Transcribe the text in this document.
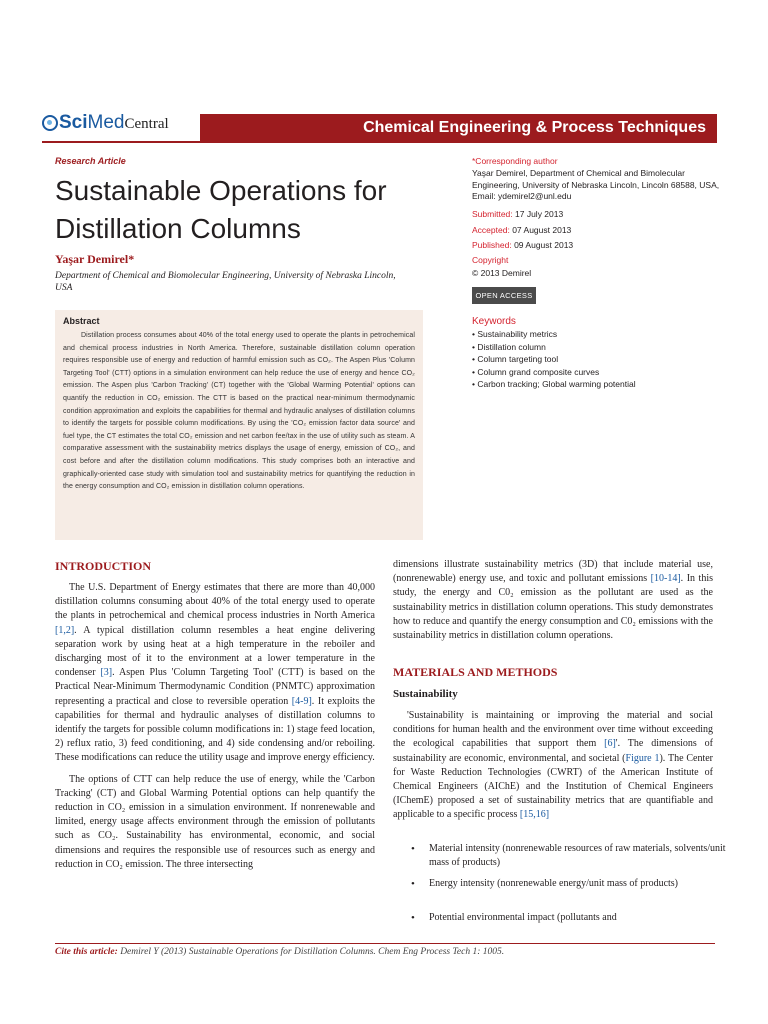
SciMedCentral	Chemical Engineering & Process Techniques
Research Article
Sustainable Operations for Distillation Columns
Yaşar Demirel*
Department of Chemical and Biomolecular Engineering, University of Nebraska Lincoln, USA
*Corresponding author
Yaşar Demirel, Department of Chemical and Bimolecular Engineering, University of Nebraska Lincoln, Lincoln 68588, USA, Email: ydemirel2@unl.edu
Submitted: 17 July 2013
Accepted: 07 August 2013
Published: 09 August 2013
Copyright
© 2013 Demirel
OPEN ACCESS
Keywords
• Sustainability metrics
• Distillation column
• Column targeting tool
• Column grand composite curves
• Carbon tracking; Global warming potential
Abstract

Distillation process consumes about 40% of the total energy used to operate the plants in petrochemical and chemical process industries in North America. Therefore, sustainable distillation column operation requires responsible use of energy and reduction of harmful emission such as CO₂. The Aspen Plus 'Column Targeting Tool' (CTT) options in a simulation environment can help reduce the use of energy and hence CO₂ emission. The Aspen plus 'Carbon Tracking' (CT) together with the 'Global Warming Potential' options can quantify the reduction in CO₂ emission. The CTT is based on the practical near-minimum thermodynamic condition approximation and exploits the capabilities for thermal and hydraulic analyses of distillation columns to identify the targets for possible column modifications. By using the 'CO₂ emission factor data source' and fuel type, the CT estimates the total CO₂ emission and net carbon fee/tax in the use of utility such as steam. A comparative assessment with the sustainability metrics displays the usage of energy, emission of CO₂, and cost before and after the distillation column modifications. This study comprises both an interactive and graphically-oriented case study with simulation tool and sustainability metrics for quantifying the reduction in the energy consumption and CO₂ emission in distillation column operations.

INTRODUCTION

The U.S. Department of Energy estimates that there are more than 40,000 distillation columns consuming about 40% of the total energy used to operate the plants in petrochemical and chemical process industries in North America [1,2]. A typical distillation column resembles a heat engine delivering separation work by using heat at a high temperature in the reboiler and discharging most of it to the environment at a lower temperature in the condenser [3]. Aspen Plus 'Column Targeting Tool' (CTT) is based on the Practical Near-Minimum Thermodynamic Condition (PNMTC) approximation representing a practical and close to reversible operation [4-9]. It exploits the capabilities for thermal and hydraulic analyses of distillation columns to identify the targets for possible column modifications in: 1) stage feed location, 2) reflux ratio, 3) feed conditioning, and 4) side condensing and/or reboiling. These modifications can reduce the utility usage and improve energy efficiency.

The options of CTT can help reduce the use of energy, while the 'Carbon Tracking' (CT) and Global Warming Potential options can help quantify the reduction in CO₂ emission in a simulation environment. If nonrenewable and limited, energy usage affects environment through the emission of pollutants such as CO₂. Sustainability has environmental, economic, and social dimensions and requires the responsible use of resources such as energy and reduction in CO₂ emission. The three intersecting

dimensions illustrate sustainability metrics (3D) that include material use, (nonrenewable) energy use, and toxic and pollutant emissions [10-14]. In this study, the energy and C0₂ emission as the pollutant are used as the sustainability metrics in distillation column operations. This study demonstrates how to reduce and quantify the energy consumption and C0₂ emissions with the sustainability metrics in distillation column operations.

MATERIALS AND METHODS
Sustainability

'Sustainability is maintaining or improving the material and social conditions for human health and the environment over time without exceeding the ecological capabilities that support them [6]'. The dimensions of sustainability are economic, environmental, and societal (Figure 1). The Center for Waste Reduction Technologies (CWRT) of the American Institute of Chemical Engineers (AIChE) and the Institution of Chemical Engineers (IChemE) proposed a set of sustainability metrics that are quantifiable and applicable to a specific process [15,16]

• Material intensity (nonrenewable resources of raw materials, solvents/unit mass of products)
• Energy intensity (nonrenewable energy/unit mass of products)
• Potential environmental impact (pollutants and
Cite this article: Demirel Y (2013) Sustainable Operations for Distillation Columns. Chem Eng Process Tech 1: 1005.
